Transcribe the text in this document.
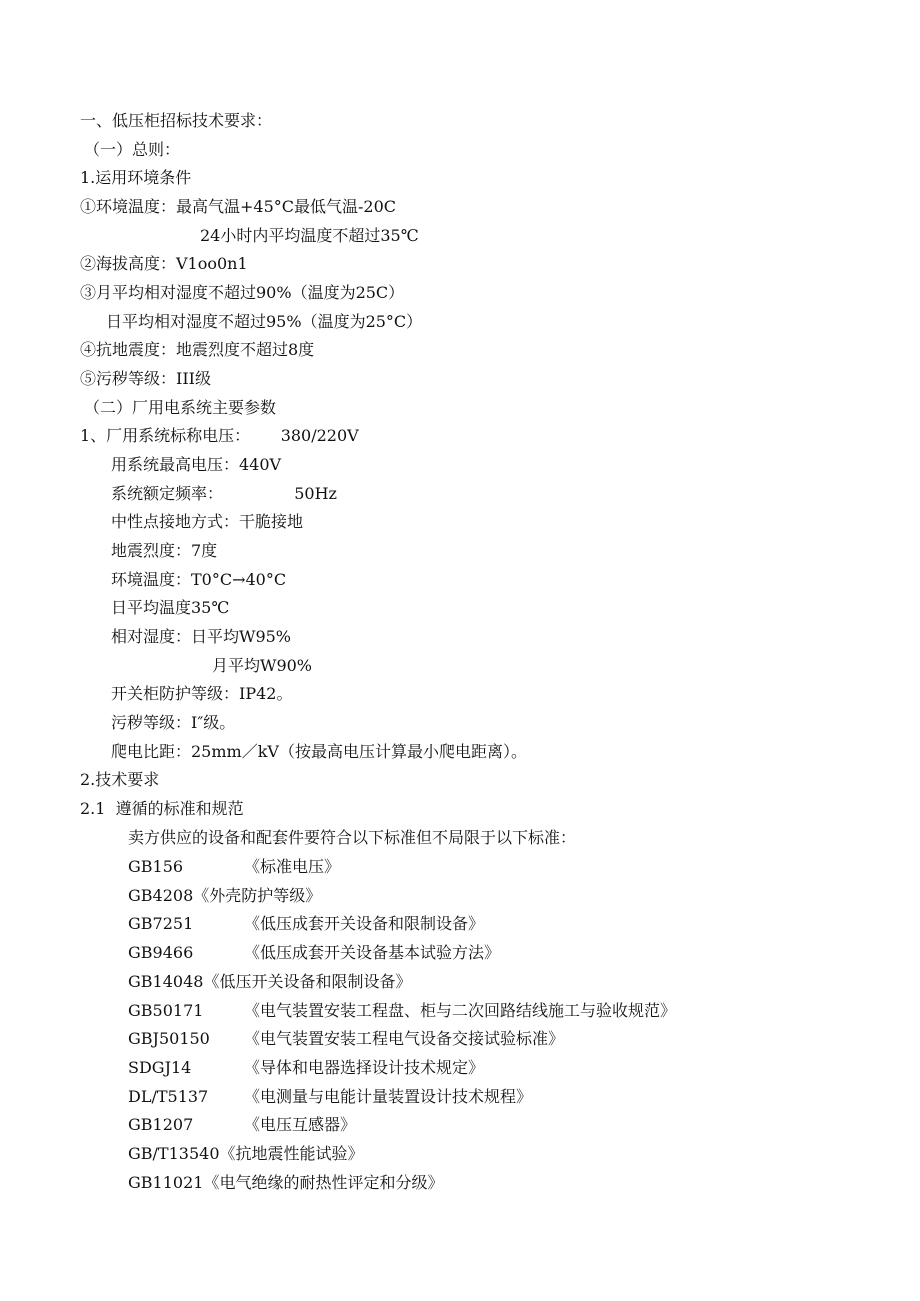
一、低压柜招标技术要求：
（一）总则：
1.运用环境条件
①环境温度：最高气温+45°C最低气温-20C
24小时内平均温度不超过35℃
②海拔高度：V1oo0n1
③月平均相对湿度不超过90%（温度为25C）
日平均相对湿度不超过95%（温度为25°C）
④抗地震度：地震烈度不超过8度
⑤污秽等级：III级
（二）厂用电系统主要参数
1、厂用系统标称电压：      380/220V
用系统最高电压：440V
系统额定频率：              50Hz
中性点接地方式：干脆接地
地震烈度：7度
环境温度：T0°C→40°C
日平均温度35℃
相对湿度：日平均W95%
月平均W90%
开关柜防护等级：IP42。
污秽等级：I″级。
爬电比距：25mm／kV（按最高电压计算最小爬电距离）。
2.技术要求
2.1  遵循的标准和规范
卖方供应的设备和配套件要符合以下标准但不局限于以下标准：
GB156	《标准电压》
GB4208《外壳防护等级》
GB7251	《低压成套开关设备和限制设备》
GB9466	《低压成套开关设备基本试验方法》
GB14048《低压开关设备和限制设备》
GB50171	《电气装置安装工程盘、柜与二次回路结线施工与验收规范》
GBJ50150 《电气装置安装工程电气设备交接试验标准》
SDGJ14	《导体和电器选择设计技术规定》
DL/T5137 《电测量与电能计量装置设计技术规程》
GB1207	《电压互感器》
GB/T13540《抗地震性能试验》
GB11021《电气绝缘的耐热性评定和分级》
